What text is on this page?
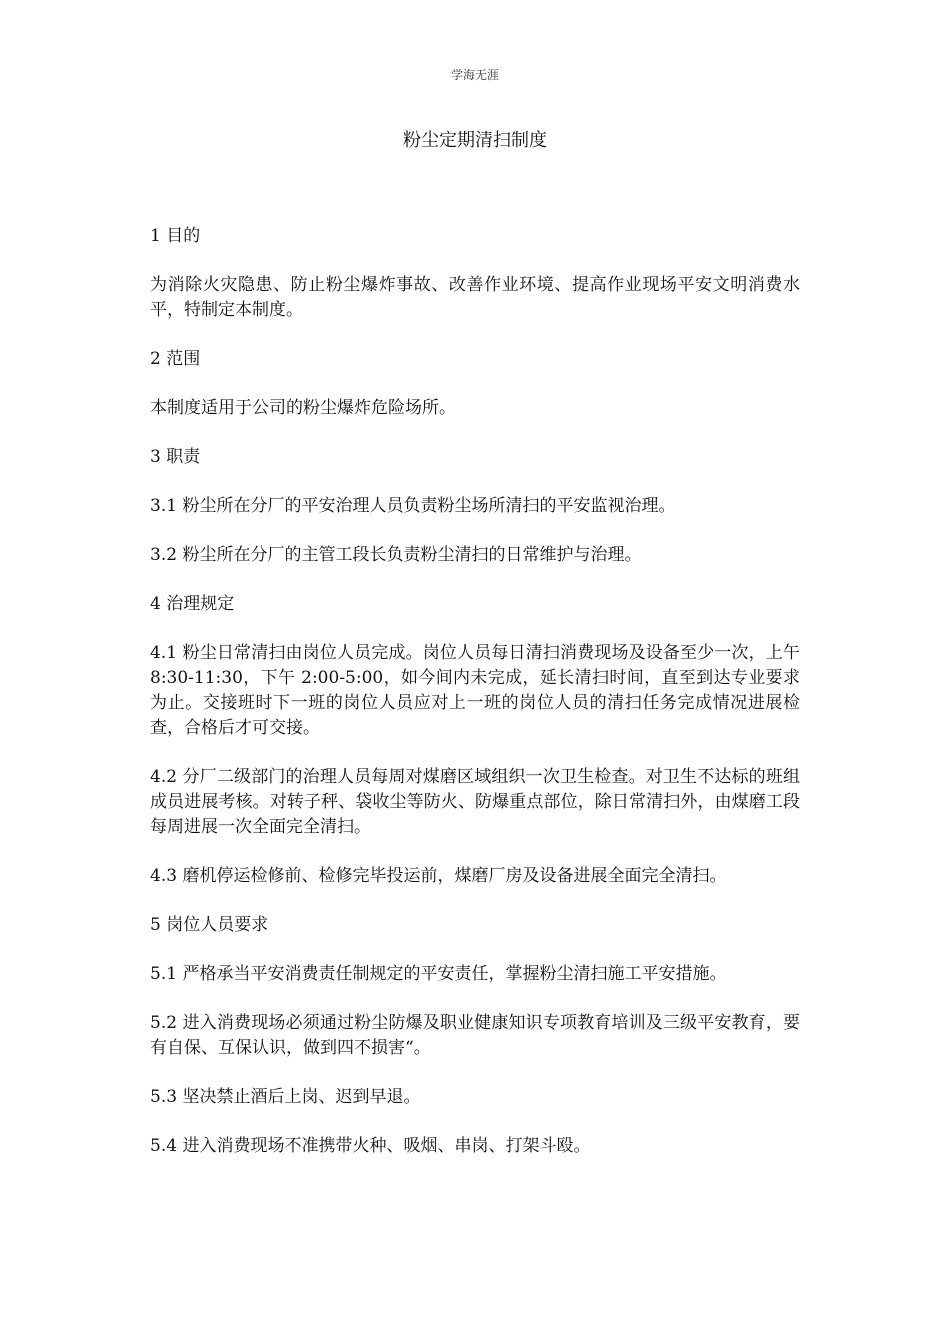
学海无涯
粉尘定期清扫制度

1 目的

为消除火灾隐患、防止粉尘爆炸事故、改善作业环境、提高作业现场平安文明消费水平，特制定本制度。

2 范围

本制度适用于公司的粉尘爆炸危险场所。

3 职责

3.1 粉尘所在分厂的平安治理人员负责粉尘场所清扫的平安监视治理。

3.2 粉尘所在分厂的主管工段长负责粉尘清扫的日常维护与治理。

4 治理规定

4.1 粉尘日常清扫由岗位人员完成。岗位人员每日清扫消费现场及设备至少一次，上午 8:30-11:30，下午 2:00-5:00，如今间内未完成，延长清扫时间，直至到达专业要求为止。交接班时下一班的岗位人员应对上一班的岗位人员的清扫任务完成情况进展检查，合格后才可交接。

4.2 分厂二级部门的治理人员每周对煤磨区域组织一次卫生检查。对卫生不达标的班组成员进展考核。对转子秤、袋收尘等防火、防爆重点部位，除日常清扫外，由煤磨工段每周进展一次全面完全清扫。

4.3 磨机停运检修前、检修完毕投运前，煤磨厂房及设备进展全面完全清扫。

5 岗位人员要求

5.1 严格承当平安消费责任制规定的平安责任，掌握粉尘清扫施工平安措施。

5.2 进入消费现场必须通过粉尘防爆及职业健康知识专项教育培训及三级平安教育，要有自保、互保认识，做到四不损害“。

5.3 坚决禁止酒后上岗、迟到早退。

5.4 进入消费现场不准携带火种、吸烟、串岗、打架斗殴。
